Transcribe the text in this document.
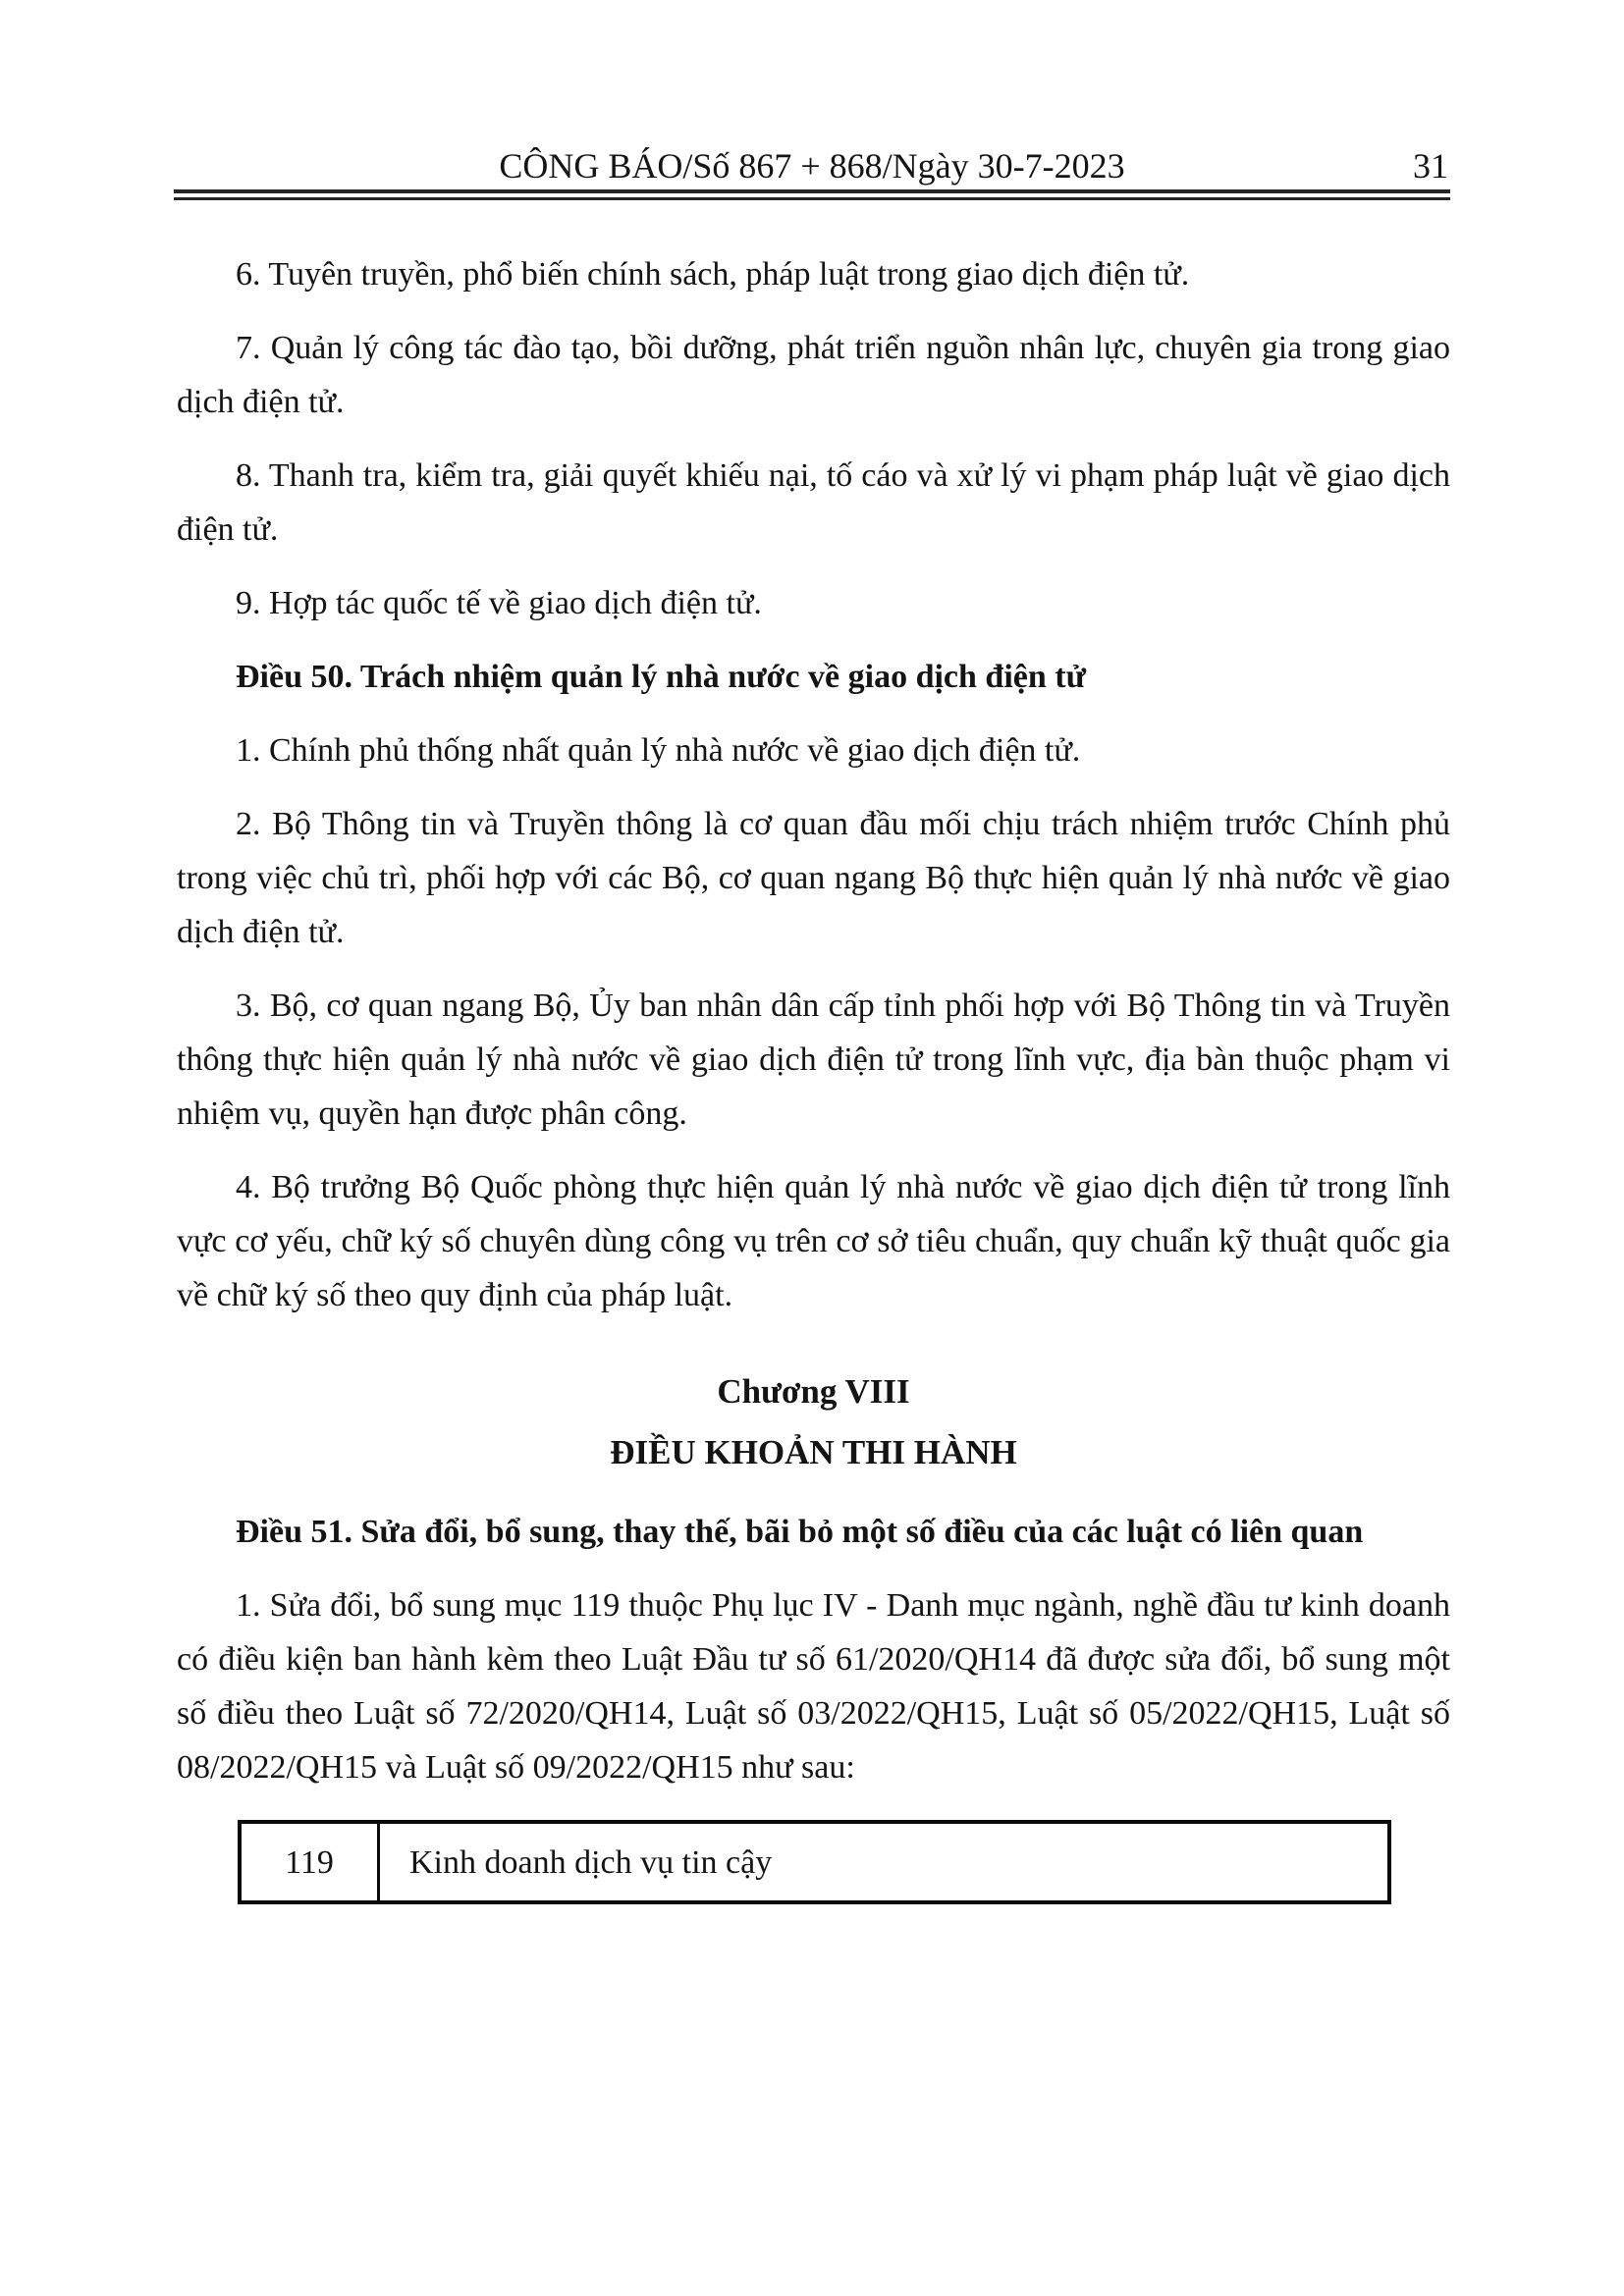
CÔNG BÁO/Số 867 + 868/Ngày 30-7-2023	31

6. Tuyên truyền, phổ biến chính sách, pháp luật trong giao dịch điện tử.

7. Quản lý công tác đào tạo, bồi dưỡng, phát triển nguồn nhân lực, chuyên gia trong giao dịch điện tử.

8. Thanh tra, kiểm tra, giải quyết khiếu nại, tố cáo và xử lý vi phạm pháp luật về giao dịch điện tử.

9. Hợp tác quốc tế về giao dịch điện tử.

Điều 50. Trách nhiệm quản lý nhà nước về giao dịch điện tử

1. Chính phủ thống nhất quản lý nhà nước về giao dịch điện tử.

2. Bộ Thông tin và Truyền thông là cơ quan đầu mối chịu trách nhiệm trước Chính phủ trong việc chủ trì, phối hợp với các Bộ, cơ quan ngang Bộ thực hiện quản lý nhà nước về giao dịch điện tử.

3. Bộ, cơ quan ngang Bộ, Ủy ban nhân dân cấp tỉnh phối hợp với Bộ Thông tin và Truyền thông thực hiện quản lý nhà nước về giao dịch điện tử trong lĩnh vực, địa bàn thuộc phạm vi nhiệm vụ, quyền hạn được phân công.

4. Bộ trưởng Bộ Quốc phòng thực hiện quản lý nhà nước về giao dịch điện tử trong lĩnh vực cơ yếu, chữ ký số chuyên dùng công vụ trên cơ sở tiêu chuẩn, quy chuẩn kỹ thuật quốc gia về chữ ký số theo quy định của pháp luật.

Chương VIII
ĐIỀU KHOẢN THI HÀNH

Điều 51. Sửa đổi, bổ sung, thay thế, bãi bỏ một số điều của các luật có liên quan

1. Sửa đổi, bổ sung mục 119 thuộc Phụ lục IV - Danh mục ngành, nghề đầu tư kinh doanh có điều kiện ban hành kèm theo Luật Đầu tư số 61/2020/QH14 đã được sửa đổi, bổ sung một số điều theo Luật số 72/2020/QH14, Luật số 03/2022/QH15, Luật số 05/2022/QH15, Luật số 08/2022/QH15 và Luật số 09/2022/QH15 như sau:

119	Kinh doanh dịch vụ tin cậy
